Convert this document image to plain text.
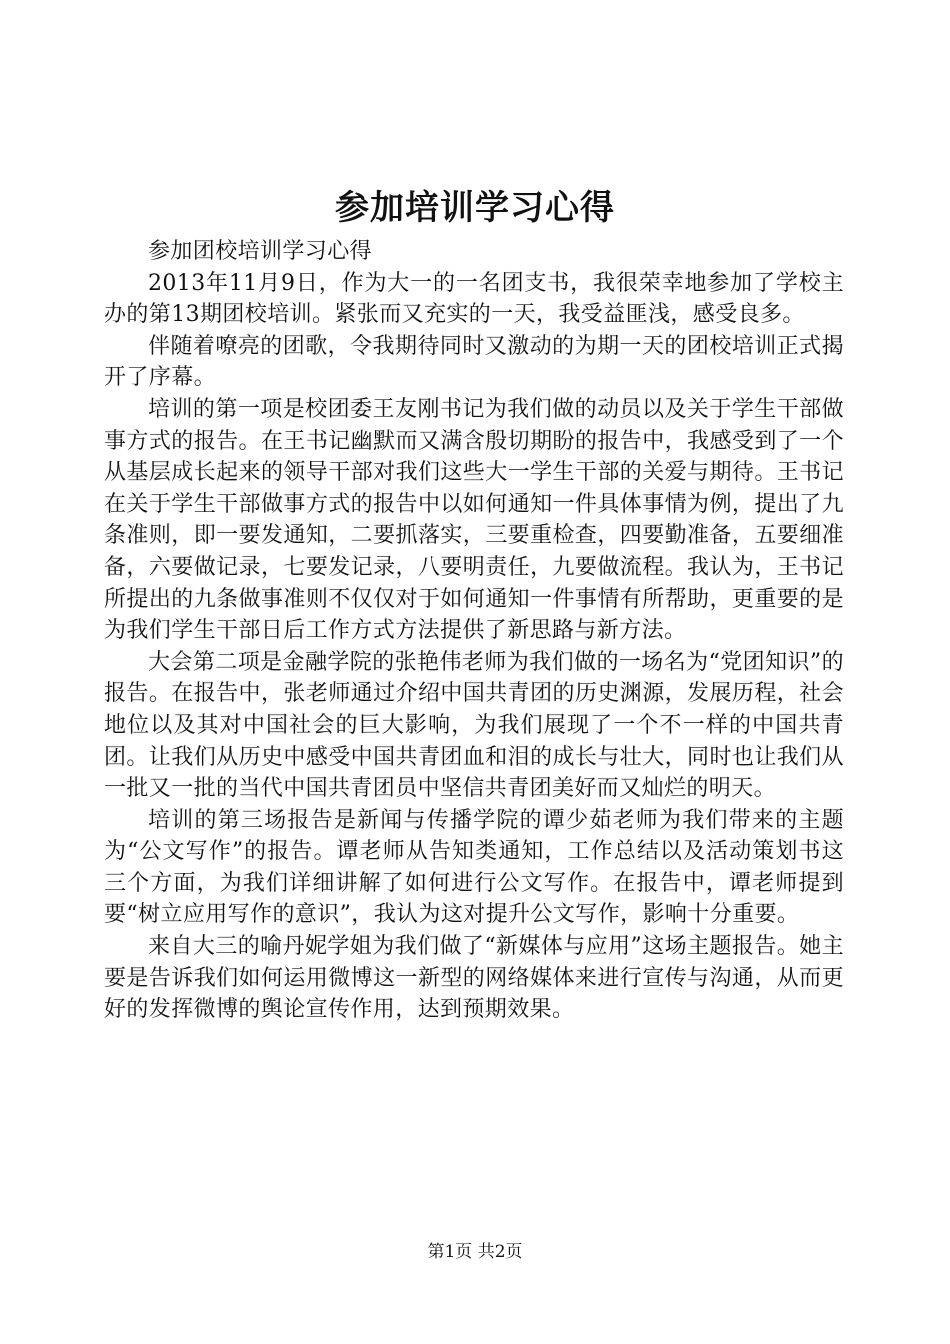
参加培训学习心得

参加团校培训学习心得

2013年11月9日，作为大一的一名团支书，我很荣幸地参加了学校主办的第13期团校培训。紧张而又充实的一天，我受益匪浅，感受良多。

伴随着嘹亮的团歌，令我期待同时又激动的为期一天的团校培训正式揭开了序幕。

培训的第一项是校团委王友刚书记为我们做的动员以及关于学生干部做事方式的报告。在王书记幽默而又满含殷切期盼的报告中，我感受到了一个从基层成长起来的领导干部对我们这些大一学生干部的关爱与期待。王书记在关于学生干部做事方式的报告中以如何通知一件具体事情为例，提出了九条准则，即一要发通知，二要抓落实，三要重检查，四要勤准备，五要细准备，六要做记录，七要发记录，八要明责任，九要做流程。我认为，王书记所提出的九条做事准则不仅仅对于如何通知一件事情有所帮助，更重要的是为我们学生干部日后工作方式方法提供了新思路与新方法。

大会第二项是金融学院的张艳伟老师为我们做的一场名为“党团知识”的报告。在报告中，张老师通过介绍中国共青团的历史渊源，发展历程，社会地位以及其对中国社会的巨大影响，为我们展现了一个不一样的中国共青团。让我们从历史中感受中国共青团血和泪的成长与壮大，同时也让我们从一批又一批的当代中国共青团员中坚信共青团美好而又灿烂的明天。

培训的第三场报告是新闻与传播学院的谭少茹老师为我们带来的主题为“公文写作”的报告。谭老师从告知类通知，工作总结以及活动策划书这三个方面，为我们详细讲解了如何进行公文写作。在报告中，谭老师提到要“树立应用写作的意识”，我认为这对提升公文写作，影响十分重要。

来自大三的喻丹妮学姐为我们做了“新媒体与应用”这场主题报告。她主要是告诉我们如何运用微博这一新型的网络媒体来进行宣传与沟通，从而更好的发挥微博的舆论宣传作用，达到预期效果。

第1页 共2页
